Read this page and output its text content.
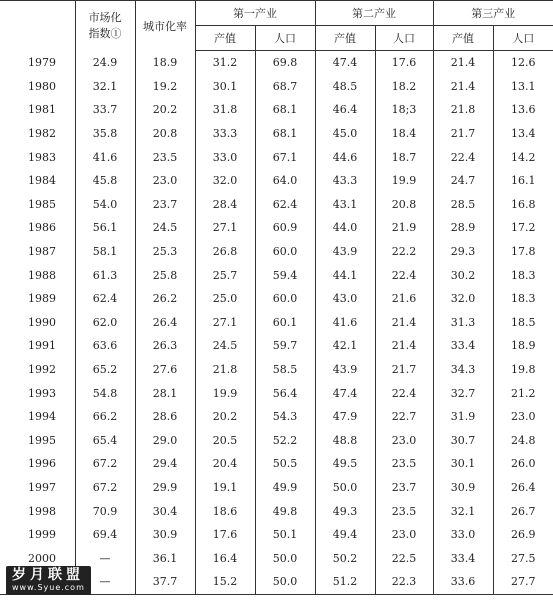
	市场化指数①	城市化率	第一产业		第二产业		第三产业	
			产值	人口	产值	人口	产值	人口
1979	24.9	18.9	31.2	69.8	47.4	17.6	21.4	12.6
1980	32.1	19.2	30.1	68.7	48.5	18.2	21.4	13.1
1981	33.7	20.2	31.8	68.1	46.4	18;3	21.8	13.6
1982	35.8	20.8	33.3	68.1	45.0	18.4	21.7	13.4
1983	41.6	23.5	33.0	67.1	44.6	18.7	22.4	14.2
1984	45.8	23.0	32.0	64.0	43.3	19.9	24.7	16.1
1985	54.0	23.7	28.4	62.4	43.1	20.8	28.5	16.8
1986	56.1	24.5	27.1	60.9	44.0	21.9	28.9	17.2
1987	58.1	25.3	26.8	60.0	43.9	22.2	29.3	17.8
1988	61.3	25.8	25.7	59.4	44.1	22.4	30.2	18.3
1989	62.4	26.2	25.0	60.0	43.0	21.6	32.0	18.3
1990	62.0	26.4	27.1	60.1	41.6	21.4	31.3	18.5
1991	63.6	26.3	24.5	59.7	42.1	21.4	33.4	18.9
1992	65.2	27.6	21.8	58.5	43.9	21.7	34.3	19.8
1993	54.8	28.1	19.9	56.4	47.4	22.4	32.7	21.2
1994	66.2	28.6	20.2	54.3	47.9	22.7	31.9	23.0
1995	65.4	29.0	20.5	52.2	48.8	23.0	30.7	24.8
1996	67.2	29.4	20.4	50.5	49.5	23.5	30.1	26.0
1997	67.2	29.9	19.1	49.9	50.0	23.7	30.9	26.4
1998	70.9	30.4	18.6	49.8	49.3	23.5	32.1	26.7
1999	69.4	30.9	17.6	50.1	49.4	23.0	33.0	26.9
2000	—	36.1	16.4	50.0	50.2	22.5	33.4	27.5
	—	37.7	15.2	50.0	51.2	22.3	33.6	27.7
岁月联盟
www.Syue.com
